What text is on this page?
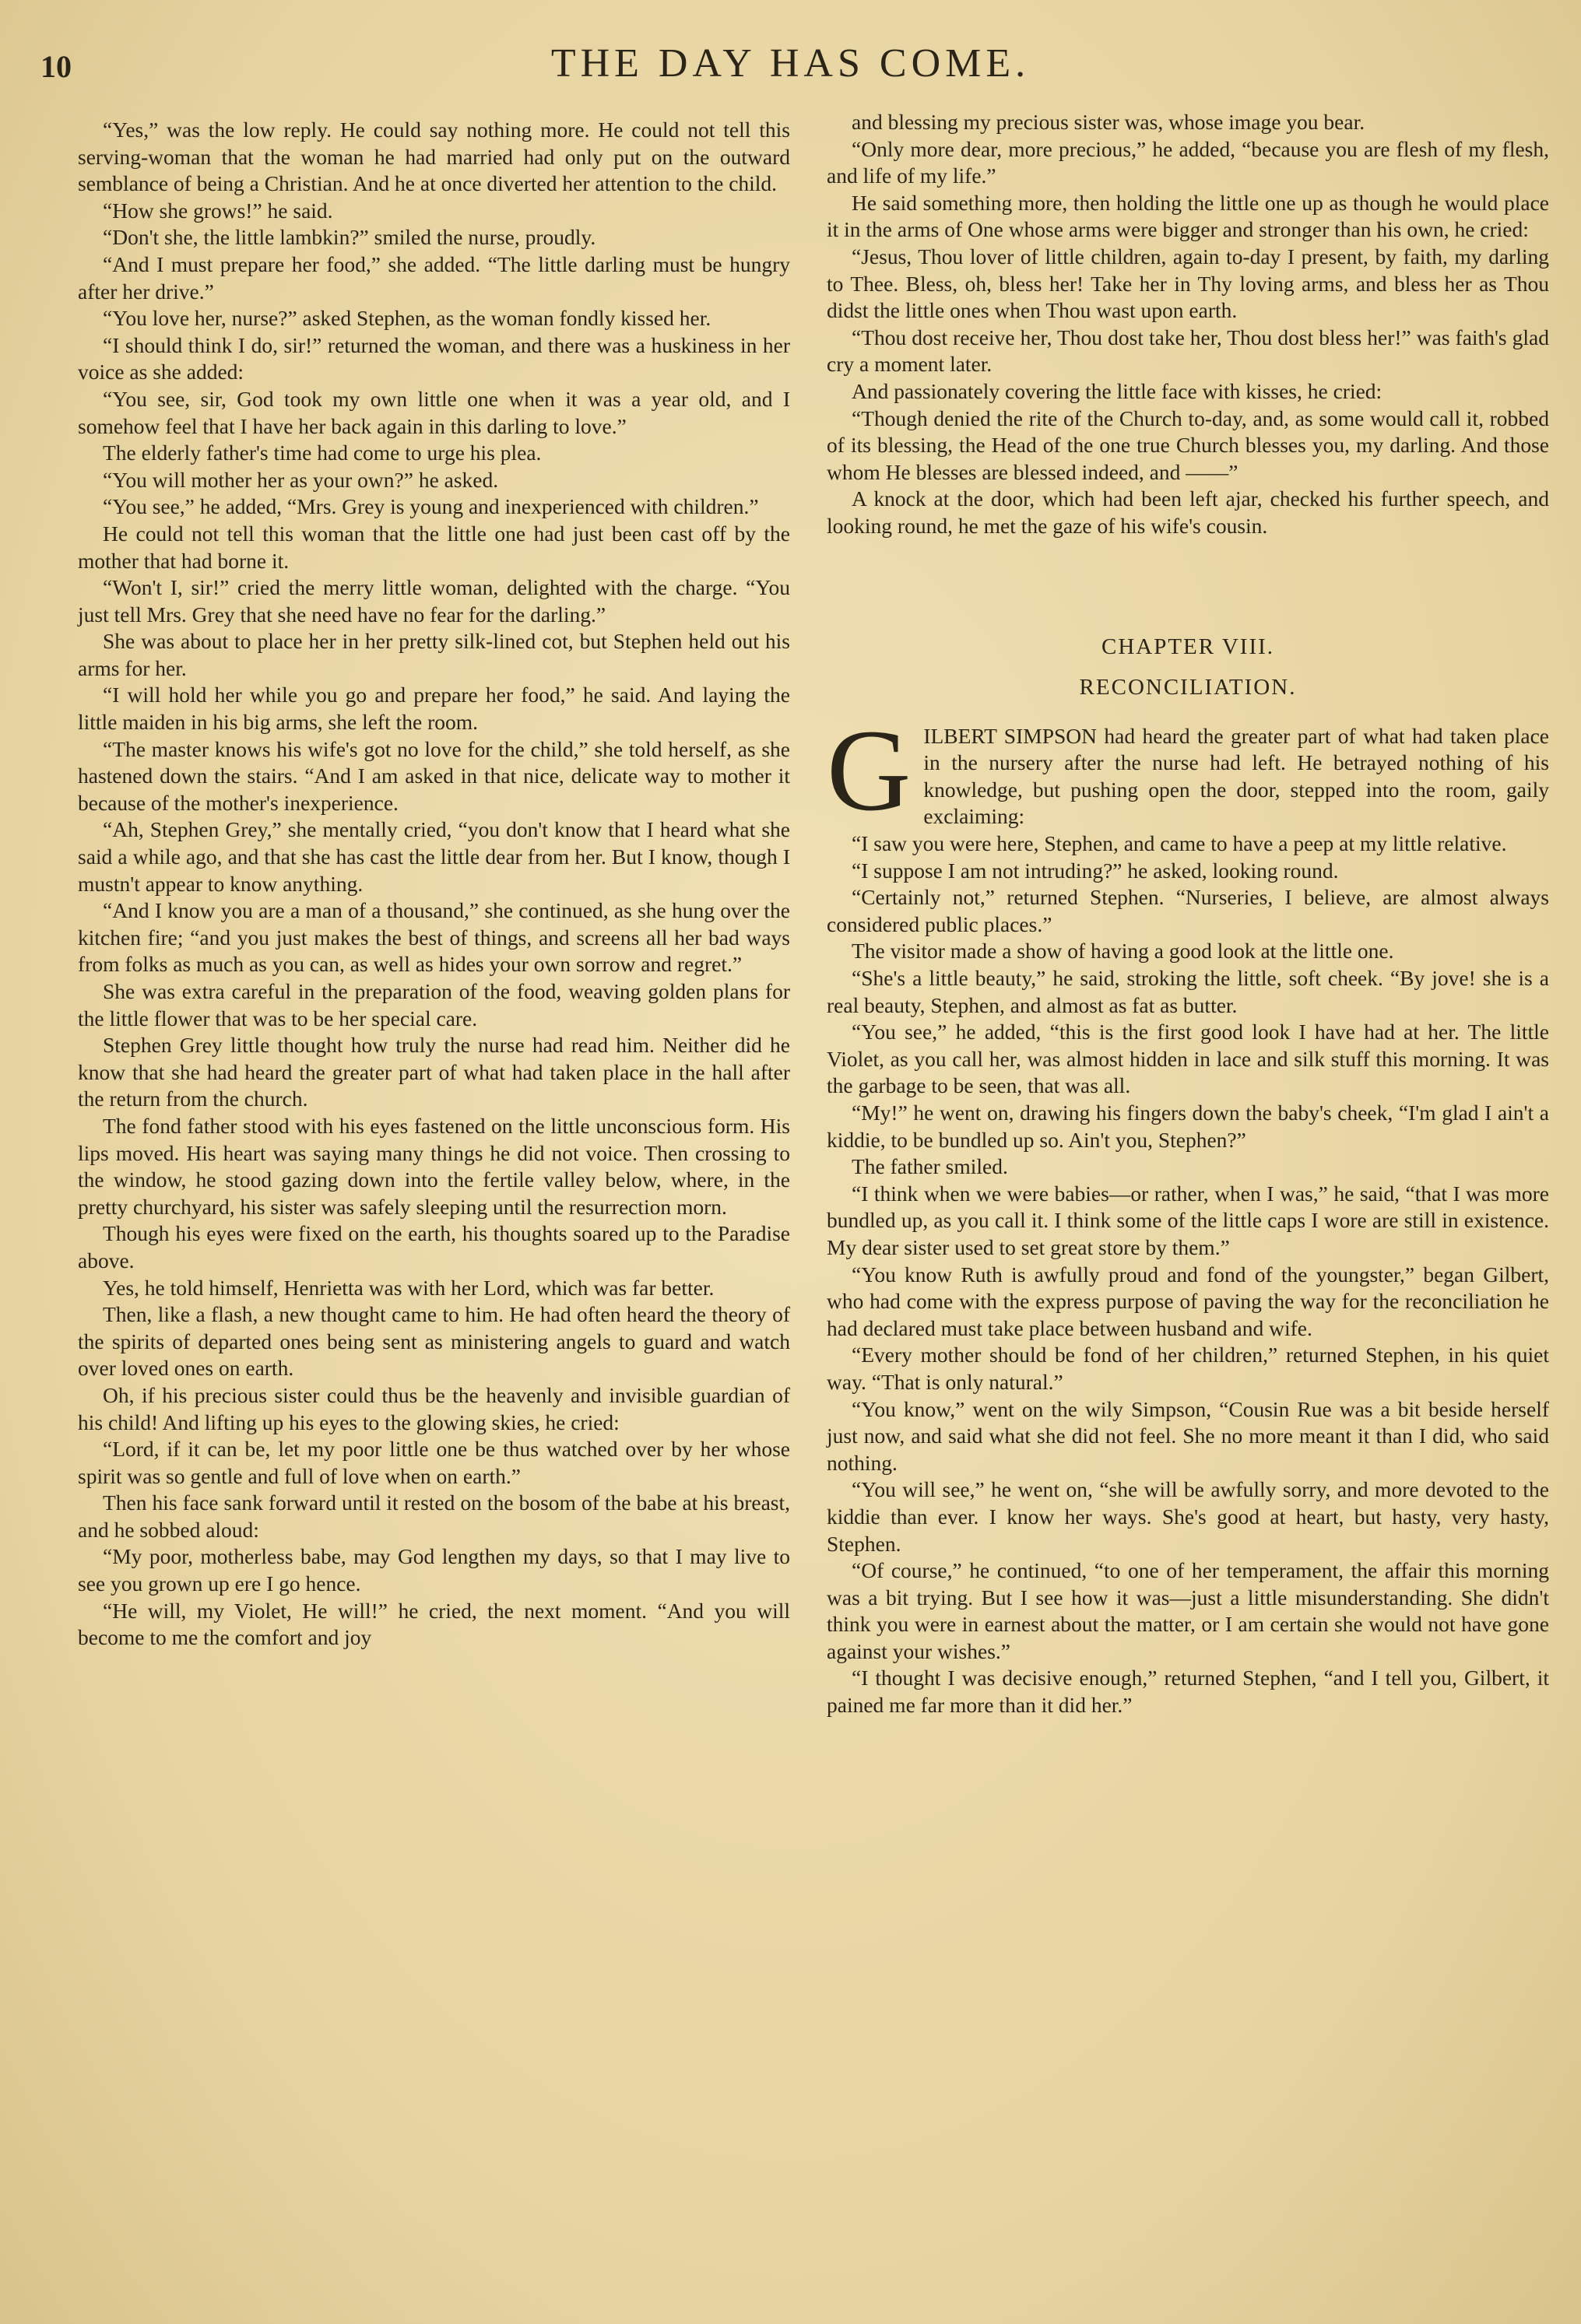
10	THE DAY HAS COME.

“Yes,” was the low reply. He could say nothing more. He could not tell this serving-woman that the woman he had married had only put on the outward semblance of being a Christian. And he at once diverted her attention to the child.

“How she grows!” he said.

“Don't she, the little lambkin?” smiled the nurse, proudly.

“And I must prepare her food,” she added. “The little darling must be hungry after her drive.”

“You love her, nurse?” asked Stephen, as the woman fondly kissed her.

“I should think I do, sir!” returned the woman, and there was a huskiness in her voice as she added:

“You see, sir, God took my own little one when it was a year old, and I somehow feel that I have her back again in this darling to love.”

The elderly father's time had come to urge his plea.

“You will mother her as your own?” he asked.

“You see,” he added, “Mrs. Grey is young and inexperienced with children.”

He could not tell this woman that the little one had just been cast off by the mother that had borne it.

“Won't I, sir!” cried the merry little woman, delighted with the charge. “You just tell Mrs. Grey that she need have no fear for the darling.”

She was about to place her in her pretty silk-lined cot, but Stephen held out his arms for her.

“I will hold her while you go and prepare her food,” he said. And laying the little maiden in his big arms, she left the room.

“The master knows his wife's got no love for the child,” she told herself, as she hastened down the stairs. “And I am asked in that nice, delicate way to mother it because of the mother's inexperience.

“Ah, Stephen Grey,” she mentally cried, “you don't know that I heard what she said a while ago, and that she has cast the little dear from her. But I know, though I mustn't appear to know anything.

“And I know you are a man of a thousand,” she continued, as she hung over the kitchen fire; “and you just makes the best of things, and screens all her bad ways from folks as much as you can, as well as hides your own sorrow and regret.”

She was extra careful in the preparation of the food, weaving golden plans for the little flower that was to be her special care.

Stephen Grey little thought how truly the nurse had read him. Neither did he know that she had heard the greater part of what had taken place in the hall after the return from the church.

The fond father stood with his eyes fastened on the little unconscious form. His lips moved. His heart was saying many things he did not voice. Then crossing to the window, he stood gazing down into the fertile valley below, where, in the pretty churchyard, his sister was safely sleeping until the resurrection morn.

Though his eyes were fixed on the earth, his thoughts soared up to the Paradise above.

Yes, he told himself, Henrietta was with her Lord, which was far better.

Then, like a flash, a new thought came to him. He had often heard the theory of the spirits of departed ones being sent as ministering angels to guard and watch over loved ones on earth.

Oh, if his precious sister could thus be the heavenly and invisible guardian of his child! And lifting up his eyes to the glowing skies, he cried:

“Lord, if it can be, let my poor little one be thus watched over by her whose spirit was so gentle and full of love when on earth.”

Then his face sank forward until it rested on the bosom of the babe at his breast, and he sobbed aloud:

“My poor, motherless babe, may God lengthen my days, so that I may live to see you grown up ere I go hence.

“He will, my Violet, He will!” he cried, the next moment. “And you will become to me the comfort and joy

and blessing my precious sister was, whose image you bear.

“Only more dear, more precious,” he added, “because you are flesh of my flesh, and life of my life.”

He said something more, then holding the little one up as though he would place it in the arms of One whose arms were bigger and stronger than his own, he cried:

“Jesus, Thou lover of little children, again to-day I present, by faith, my darling to Thee. Bless, oh, bless her! Take her in Thy loving arms, and bless her as Thou didst the little ones when Thou wast upon earth.

“Thou dost receive her, Thou dost take her, Thou dost bless her!” was faith's glad cry a moment later.

And passionately covering the little face with kisses, he cried:

“Though denied the rite of the Church to-day, and, as some would call it, robbed of its blessing, the Head of the one true Church blesses you, my darling. And those whom He blesses are blessed indeed, and ——”

A knock at the door, which had been left ajar, checked his further speech, and looking round, he met the gaze of his wife's cousin.

CHAPTER VIII.
RECONCILIATION.

GILBERT SIMPSON had heard the greater part of what had taken place in the nursery after the nurse had left. He betrayed nothing of his knowledge, but pushing open the door, stepped into the room, gaily exclaiming:

“I saw you were here, Stephen, and came to have a peep at my little relative.

“I suppose I am not intruding?” he asked, looking round.

“Certainly not,” returned Stephen. “Nurseries, I believe, are almost always considered public places.”

The visitor made a show of having a good look at the little one.

“She's a little beauty,” he said, stroking the little, soft cheek. “By jove! she is a real beauty, Stephen, and almost as fat as butter.

“You see,” he added, “this is the first good look I have had at her. The little Violet, as you call her, was almost hidden in lace and silk stuff this morning. It was the garbage to be seen, that was all.

“My!” he went on, drawing his fingers down the baby's cheek, “I'm glad I ain't a kiddie, to be bundled up so. Ain't you, Stephen?”

The father smiled.

“I think when we were babies—or rather, when I was,” he said, “that I was more bundled up, as you call it. I think some of the little caps I wore are still in existence. My dear sister used to set great store by them.”

“You know Ruth is awfully proud and fond of the youngster,” began Gilbert, who had come with the express purpose of paving the way for the reconciliation he had declared must take place between husband and wife.

“Every mother should be fond of her children,” returned Stephen, in his quiet way. “That is only natural.”

“You know,” went on the wily Simpson, “Cousin Rue was a bit beside herself just now, and said what she did not feel. She no more meant it than I did, who said nothing.

“You will see,” he went on, “she will be awfully sorry, and more devoted to the kiddie than ever. I know her ways. She's good at heart, but hasty, very hasty, Stephen.

“Of course,” he continued, “to one of her temperament, the affair this morning was a bit trying. But I see how it was—just a little misunderstanding. She didn't think you were in earnest about the matter, or I am certain she would not have gone against your wishes.”

“I thought I was decisive enough,” returned Stephen, “and I tell you, Gilbert, it pained me far more than it did her.”
